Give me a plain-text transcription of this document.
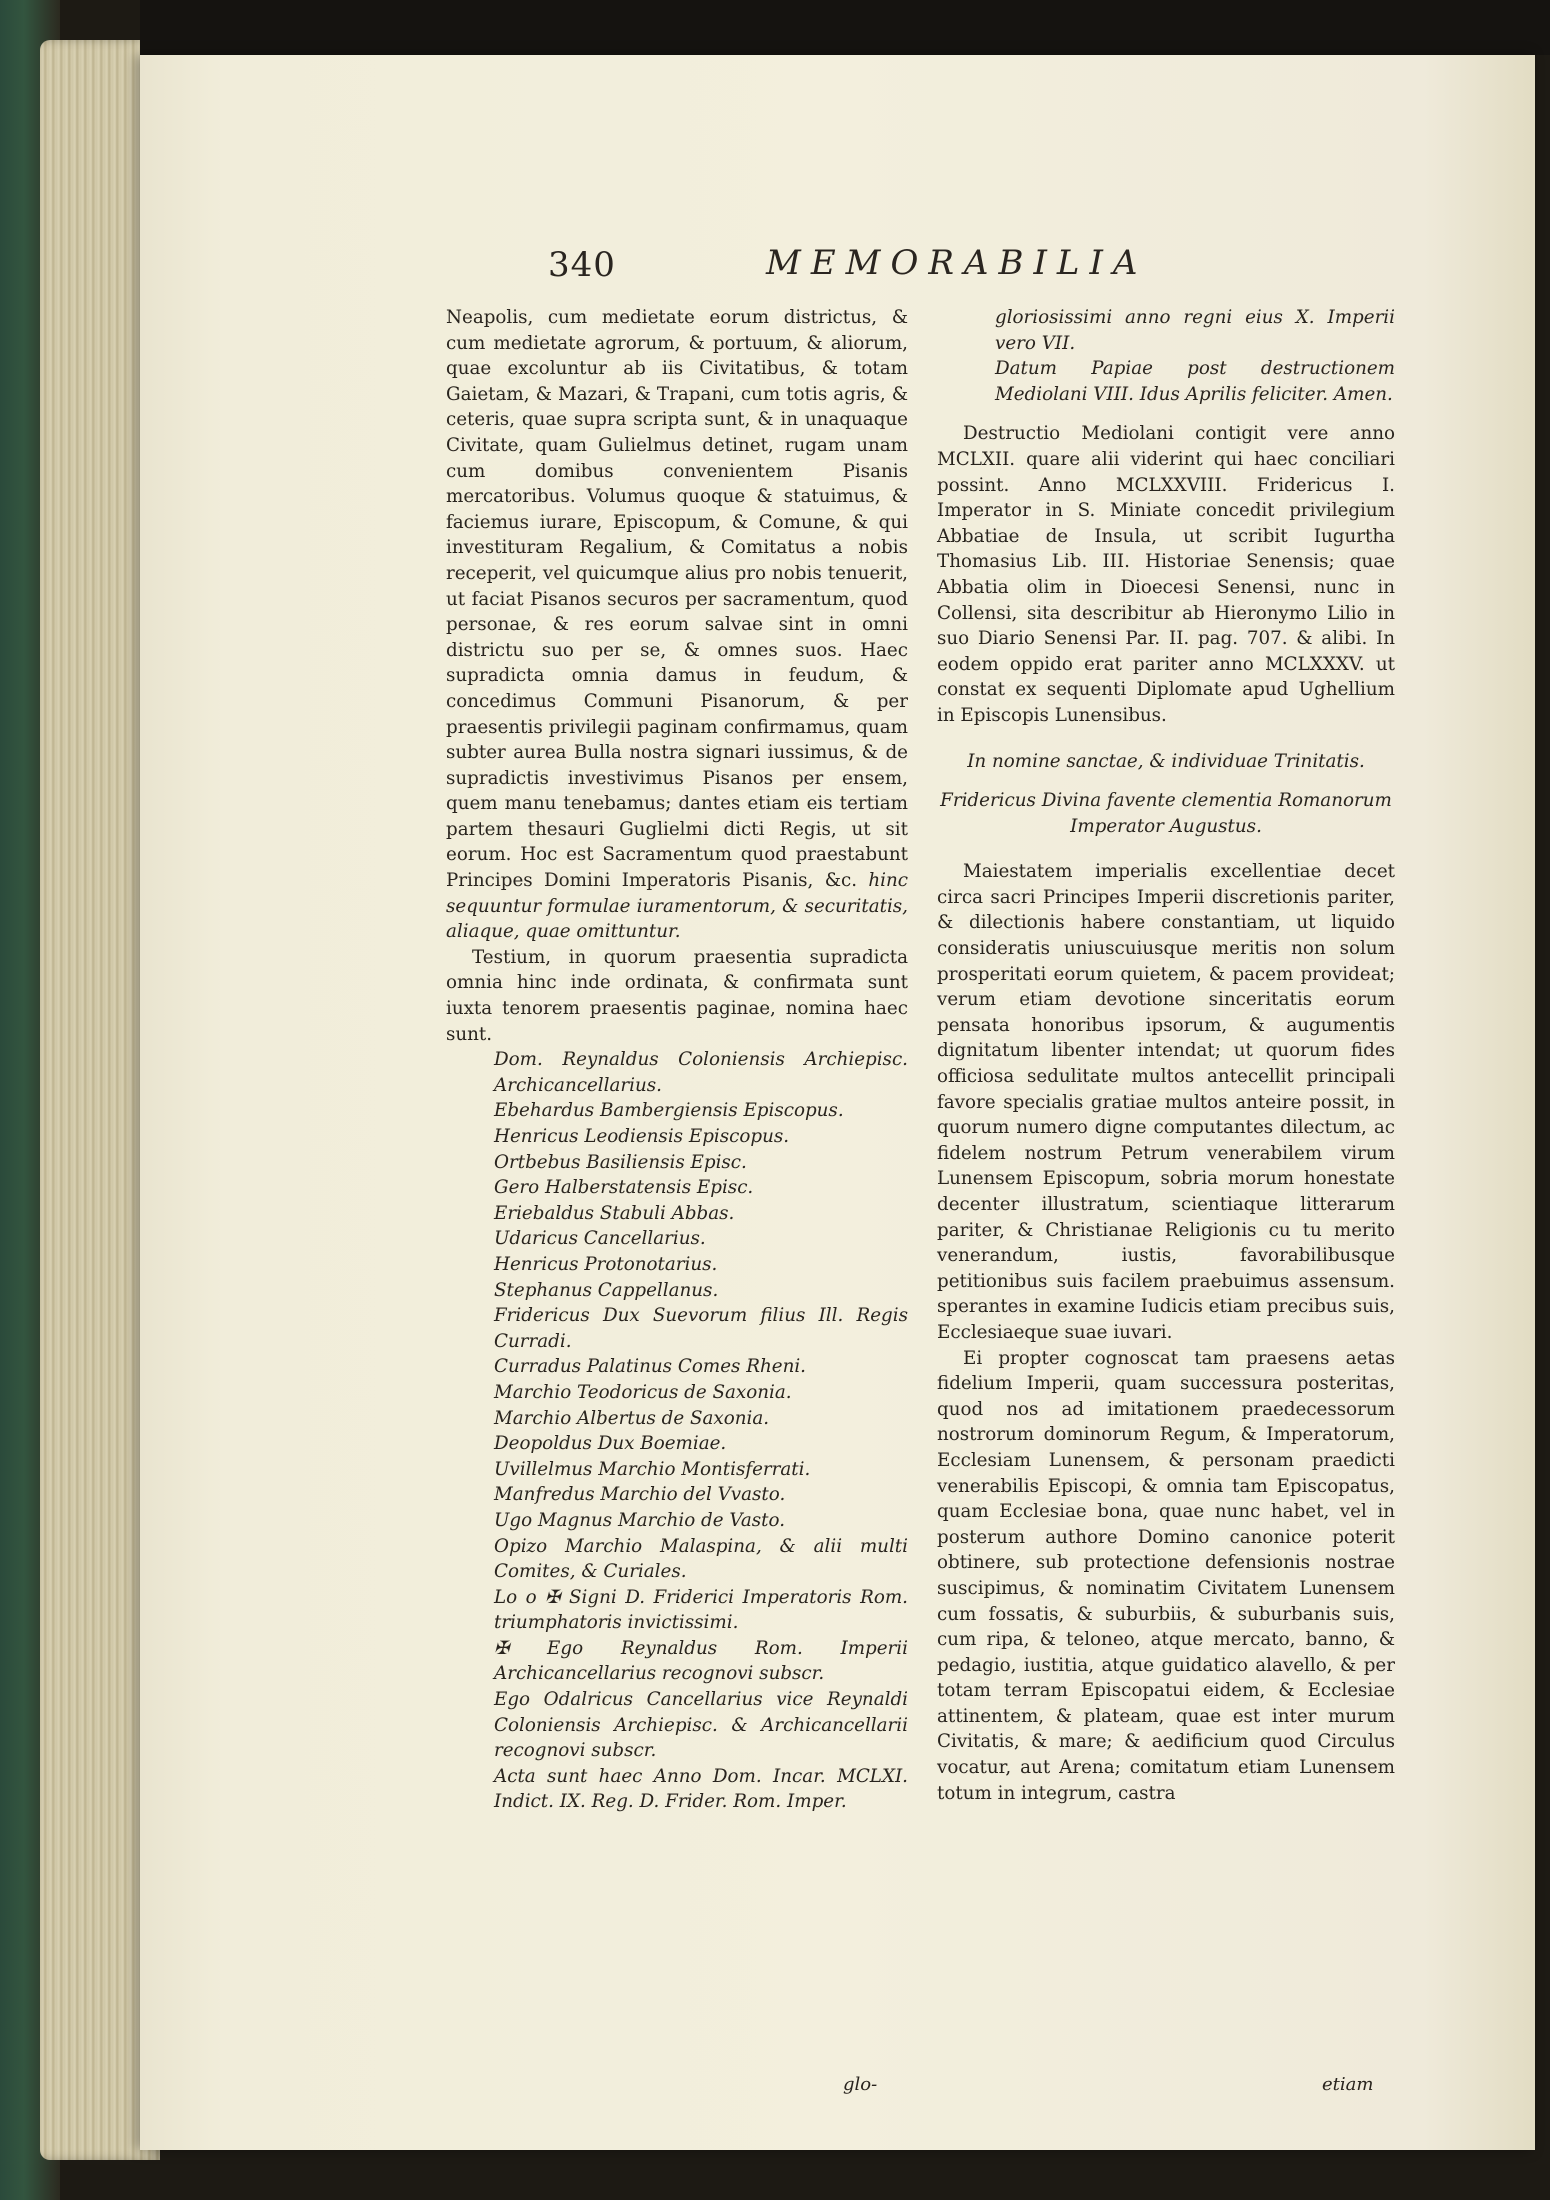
340	MEMORABILIA

Neapolis, cum medietate eorum districtus, & cum medietate agrorum, & portuum, & aliorum, quae excoluntur ab iis Civitatibus, & totam Gaietam, & Mazari, & Trapani, cum totis agris, & ceteris, quae supra scripta sunt, & in unaquaque Civitate, quam Gulielmus detinet, rugam unam cum domibus convenientem Pisanis mercatoribus. Volumus quoque & statuimus, & faciemus iurare, Episcopum, & Comune, & qui investituram Regalium, & Comitatus a nobis receperit, vel quicumque alius pro nobis tenuerit, ut faciat Pisanos securos per sacramentum, quod personae, & res eorum salvae sint in omni districtu suo per se, & omnes suos. Haec supradicta omnia damus in feudum, & concedimus Communi Pisanorum, & per praesentis privilegii paginam confirmamus, quam subter aurea Bulla nostra signari iussimus, & de supradictis investivimus Pisanos per ensem, quem manu tenebamus; dantes etiam eis tertiam partem thesauri Guglielmi dicti Regis, ut sit eorum. Hoc est Sacramentum quod praestabunt Principes Domini Imperatoris Pisanis, &c. hinc sequuntur formulae iuramentorum, & securitatis, aliaque, quae omittuntur.

Testium, in quorum praesentia supradicta omnia hinc inde ordinata, & confirmata sunt iuxta tenorem praesentis paginae, nomina haec sunt.

Dom. Reynaldus Coloniensis Archiepisc. Archicancellarius.

Ebehardus Bambergiensis Episcopus.

Henricus Leodiensis Episcopus.

Ortbebus Basiliensis Episc.

Gero Halberstatensis Episc.

Eriebaldus Stabuli Abbas.

Udaricus Cancellarius.

Henricus Protonotarius.

Stephanus Cappellanus.

Fridericus Dux Suevorum filius Ill. Regis Curradi.

Curradus Palatinus Comes Rheni.

Marchio Teodoricus de Saxonia.

Marchio Albertus de Saxonia.

Deopoldus Dux Boemiae.

Uvillelmus Marchio Montisferrati.

Manfredus Marchio del Vvasto.

Ugo Magnus Marchio de Vasto.

Opizo Marchio Malaspina, & alii multi Comites, & Curiales.

Lo o ✠ Signi D. Friderici Imperatoris Rom. triumphatoris invictissimi.

✠ Ego Reynaldus Rom. Imperii Archicancellarius recognovi subscr.

Ego Odalricus Cancellarius vice Reynaldi Coloniensis Archiepisc. & Archicancellarii recognovi subscr.

Acta sunt haec Anno Dom. Incar. MCLXI. Indict. IX. Reg. D. Frider. Rom. Imper.

glo-

gloriosissimi anno regni eius X. Imperii vero VII.

Datum Papiae post destructionem Mediolani VIII. Idus Aprilis feliciter. Amen.

Destructio Mediolani contigit vere anno MCLXII. quare alii viderint qui haec conciliari possint. Anno MCLXXVIII. Fridericus I. Imperator in S. Miniate concedit privilegium Abbatiae de Insula, ut scribit Iugurtha Thomasius Lib. III. Historiae Senensis; quae Abbatia olim in Dioecesi Senensi, nunc in Collensi, sita describitur ab Hieronymo Lilio in suo Diario Senensi Par. II. pag. 707. & alibi. In eodem oppido erat pariter anno MCLXXXV. ut constat ex sequenti Diplomate apud Ughellium in Episcopis Lunensibus.

In nomine sanctae, & individuae Trinitatis.

Fridericus Divina favente clementia Romanorum Imperator Augustus.

Maiestatem imperialis excellentiae decet circa sacri Principes Imperii discretionis pariter, & dilectionis habere constantiam, ut liquido consideratis uniuscuiusque meritis non solum prosperitati eorum quietem, & pacem provideat; verum etiam devotione sinceritatis eorum pensata honoribus ipsorum, & augumentis dignitatum libenter intendat; ut quorum fides officiosa sedulitate multos antecellit principali favore specialis gratiae multos anteire possit, in quorum numero digne computantes dilectum, ac fidelem nostrum Petrum venerabilem virum Lunensem Episcopum, sobria morum honestate decenter illustratum, scientiaque litterarum pariter, & Christianae Religionis cu tu merito venerandum, iustis, favorabilibusque petitionibus suis facilem praebuimus assensum. sperantes in examine Iudicis etiam precibus suis, Ecclesiaeque suae iuvari.

Ei propter cognoscat tam praesens aetas fidelium Imperii, quam successura posteritas, quod nos ad imitationem praedecessorum nostrorum dominorum Regum, & Imperatorum, Ecclesiam Lunensem, & personam praedicti venerabilis Episcopi, & omnia tam Episcopatus, quam Ecclesiae bona, quae nunc habet, vel in posterum authore Domino canonice poterit obtinere, sub protectione defensionis nostrae suscipimus, & nominatim Civitatem Lunensem cum fossatis, & suburbiis, & suburbanis suis, cum ripa, & teloneo, atque mercato, banno, & pedagio, iustitia, atque guidatico alavello, & per totam terram Episcopatui eidem, & Ecclesiae attinentem, & plateam, quae est inter murum Civitatis, & mare; & aedificium quod Circulus vocatur, aut Arena; comitatum etiam Lunensem totum in integrum, castra

etiam
